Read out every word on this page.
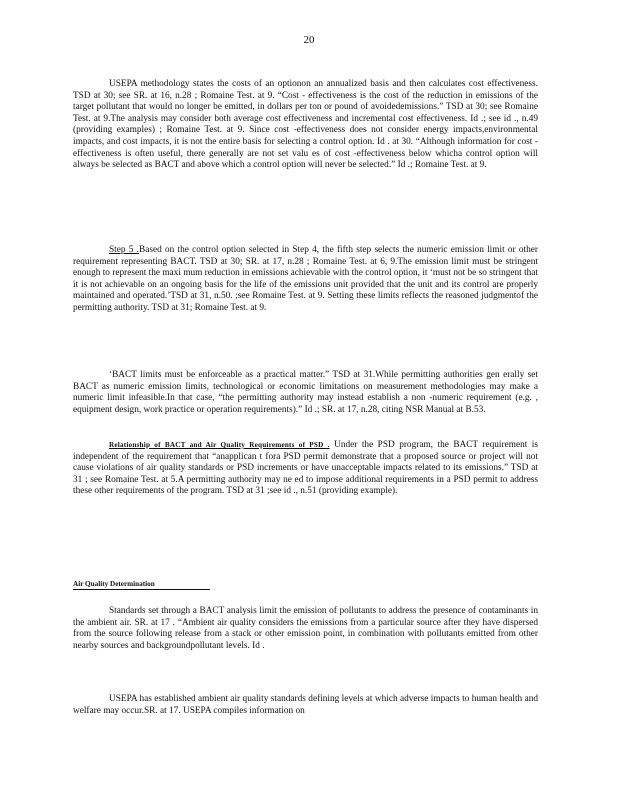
20

USEPA methodology states the costs of an optionon an annualized basis and then calculates cost effectiveness. TSD at 30; see SR. at 16, n.28 ; Romaine Test. at 9. “Cost - effectiveness is the cost of the reduction in emissions of the target pollutant that would no longer be emitted, in dollars per ton or pound of avoidedemissions.” TSD at 30; see Romaine Test. at 9.The analysis may consider both average cost effectiveness and incremental cost effectiveness. Id .; see id ., n.49 (providing examples) ; Romaine Test. at 9. Since cost -effectiveness does not consider energy impacts,environmental impacts, and cost impacts, it is not the entire basis for selecting a control option. Id . at 30. “Although information for cost - effectiveness is often useful, there generally are not set valu es of cost -effectiveness below whicha control option will always be selected as BACT and above which a control option will never be selected.” Id .; Romaine Test. at 9.

Step 5 .Based on the control option selected in Step 4, the fifth step selects the numeric emission limit or other requirement representing BACT. TSD at 30; SR. at 17, n.28 ; Romaine Test. at 6, 9.The emission limit must be stringent enough to represent the maxi mum reduction in emissions achievable with the control option, it ‘must not be so stringent that it is not achievable on an ongoing basis for the life of the emissions unit provided that the unit and its control are properly maintained and operated.’TSD at 31, n.50. ;see Romaine Test. at 9. Setting these limits reflects the reasoned judgmentof the permitting authority. TSD at 31; Romaine Test. at 9.

‘BACT limits must be enforceable as a practical matter.” TSD at 31.While permitting authorities gen erally set BACT as numeric emission limits, technological or economic limitations on measurement methodologies may make a numeric limit infeasible.In that case, “the permitting authority may instead establish a non -numeric requirement (e.g. , equipment design, work practice or operation requirements).” Id .; SR. at 17, n.28, citing NSR Manual at B.53.

Relationship of BACT and Air Quality Requirements of PSD . Under the PSD program, the BACT requirement is independent of the requirement that “anapplican t fora PSD permit demonstrate that a proposed source or project will not cause violations of air quality standards or PSD increments or have unacceptable impacts related to its emissions.” TSD at 31 ; see Romaine Test. at 5.A permitting authority may ne ed to impose additional requirements in a PSD permit to address these other requirements of the program. TSD at 31 ;see id ., n.51 (providing example).

Air Quality Determination

Standards set through a BACT analysis limit the emission of pollutants to address the presence of contaminants in the ambient air. SR. at 17 . “Ambient air quality considers the emissions from a particular source after they have dispersed from the source following release from a stack or other emission point, in combination with pollutants emitted from other nearby sources and backgroundpollutant levels. Id .

USEPA has established ambient air quality standards defining levels at which adverse impacts to human health and welfare may occur.SR. at 17. USEPA compiles information on
